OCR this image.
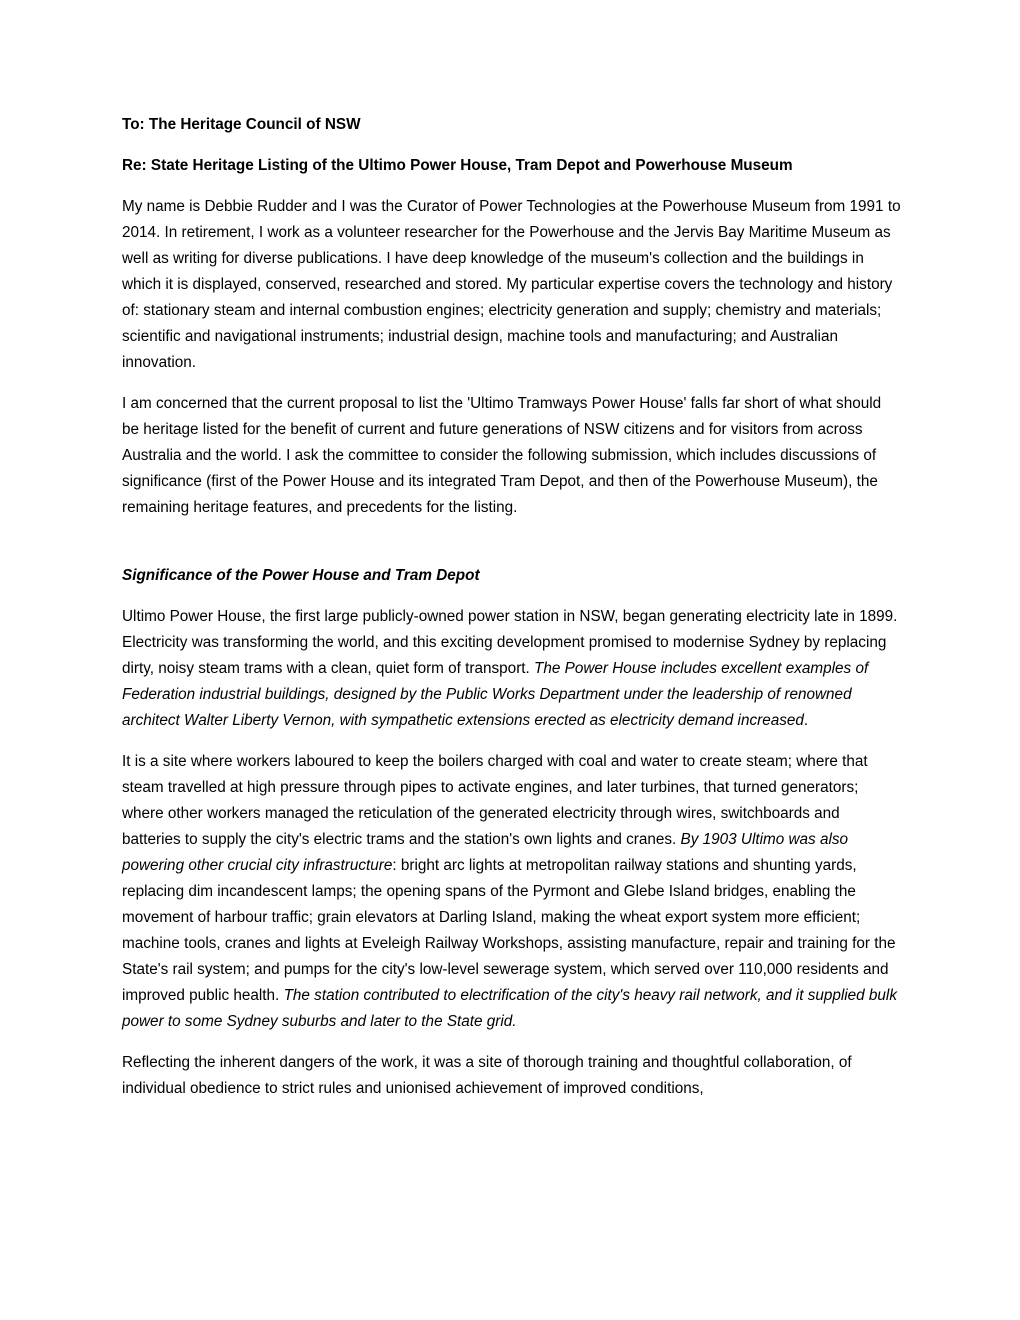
To: The Heritage Council of NSW

Re: State Heritage Listing of the Ultimo Power House, Tram Depot and Powerhouse Museum

My name is Debbie Rudder and I was the Curator of Power Technologies at the Powerhouse Museum from 1991 to 2014. In retirement, I work as a volunteer researcher for the Powerhouse and the Jervis Bay Maritime Museum as well as writing for diverse publications. I have deep knowledge of the museum's collection and the buildings in which it is displayed, conserved, researched and stored. My particular expertise covers the technology and history of: stationary steam and internal combustion engines; electricity generation and supply; chemistry and materials; scientific and navigational instruments; industrial design, machine tools and manufacturing; and Australian innovation.

I am concerned that the current proposal to list the 'Ultimo Tramways Power House' falls far short of what should be heritage listed for the benefit of current and future generations of NSW citizens and for visitors from across Australia and the world. I ask the committee to consider the following submission, which includes discussions of significance (first of the Power House and its integrated Tram Depot, and then of the Powerhouse Museum), the remaining heritage features, and precedents for the listing.

Significance of the Power House and Tram Depot

Ultimo Power House, the first large publicly-owned power station in NSW, began generating electricity late in 1899. Electricity was transforming the world, and this exciting development promised to modernise Sydney by replacing dirty, noisy steam trams with a clean, quiet form of transport. The Power House includes excellent examples of Federation industrial buildings, designed by the Public Works Department under the leadership of renowned architect Walter Liberty Vernon, with sympathetic extensions erected as electricity demand increased.

It is a site where workers laboured to keep the boilers charged with coal and water to create steam; where that steam travelled at high pressure through pipes to activate engines, and later turbines, that turned generators; where other workers managed the reticulation of the generated electricity through wires, switchboards and batteries to supply the city's electric trams and the station's own lights and cranes. By 1903 Ultimo was also powering other crucial city infrastructure: bright arc lights at metropolitan railway stations and shunting yards, replacing dim incandescent lamps; the opening spans of the Pyrmont and Glebe Island bridges, enabling the movement of harbour traffic; grain elevators at Darling Island, making the wheat export system more efficient; machine tools, cranes and lights at Eveleigh Railway Workshops, assisting manufacture, repair and training for the State's rail system; and pumps for the city's low-level sewerage system, which served over 110,000 residents and improved public health. The station contributed to electrification of the city's heavy rail network, and it supplied bulk power to some Sydney suburbs and later to the State grid.

Reflecting the inherent dangers of the work, it was a site of thorough training and thoughtful collaboration, of individual obedience to strict rules and unionised achievement of improved conditions,
